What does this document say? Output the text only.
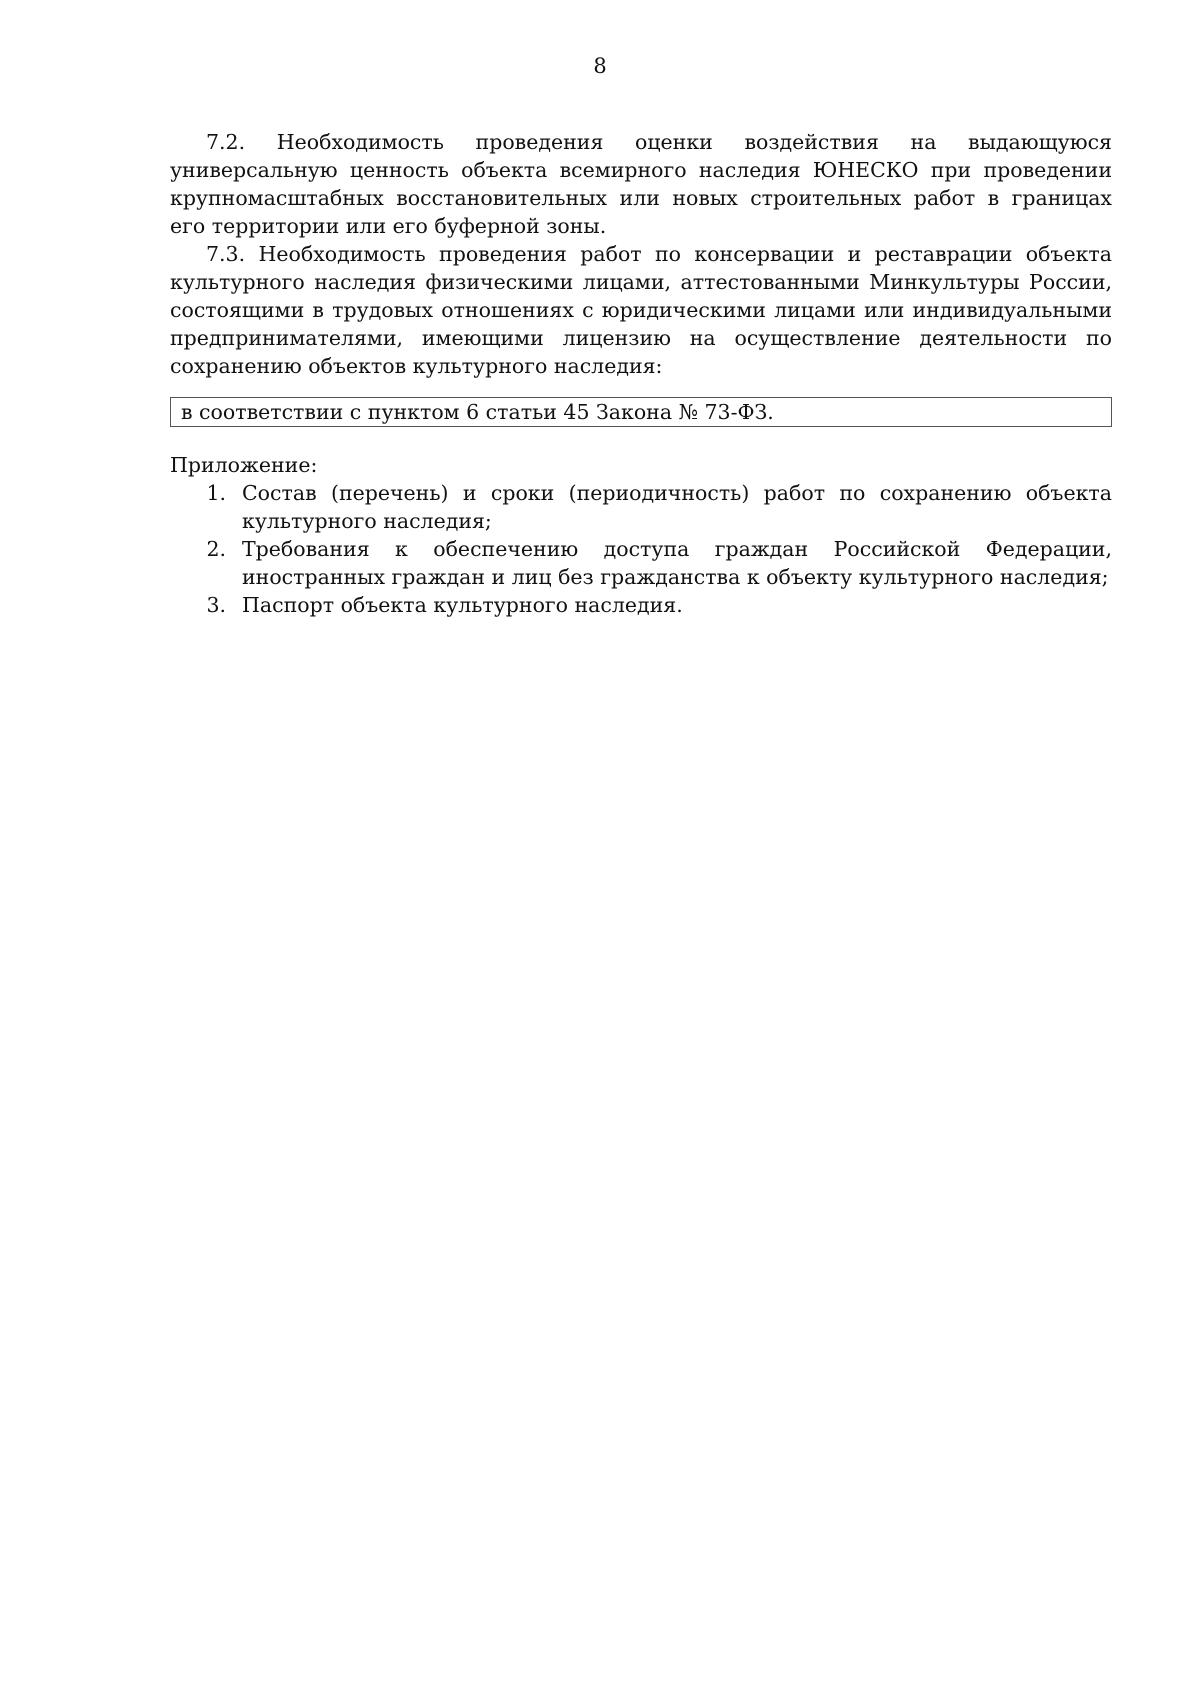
8

7.2. Необходимость проведения оценки воздействия на выдающуюся универсальную ценность объекта всемирного наследия ЮНЕСКО при проведении крупномасштабных восстановительных или новых строительных работ в границах его территории или его буферной зоны.

7.3. Необходимость проведения работ по консервации и реставрации объекта культурного наследия физическими лицами, аттестованными Минкультуры России, состоящими в трудовых отношениях с юридическими лицами или индивидуальными предпринимателями, имеющими лицензию на осуществление деятельности по сохранению объектов культурного наследия:

в соответствии с пунктом 6 статьи 45 Закона № 73-ФЗ.

Приложение:

1. Состав (перечень) и сроки (периодичность) работ по сохранению объекта культурного наследия;
2. Требования к обеспечению доступа граждан Российской Федерации, иностранных граждан и лиц без гражданства к объекту культурного наследия;
3. Паспорт объекта культурного наследия.
